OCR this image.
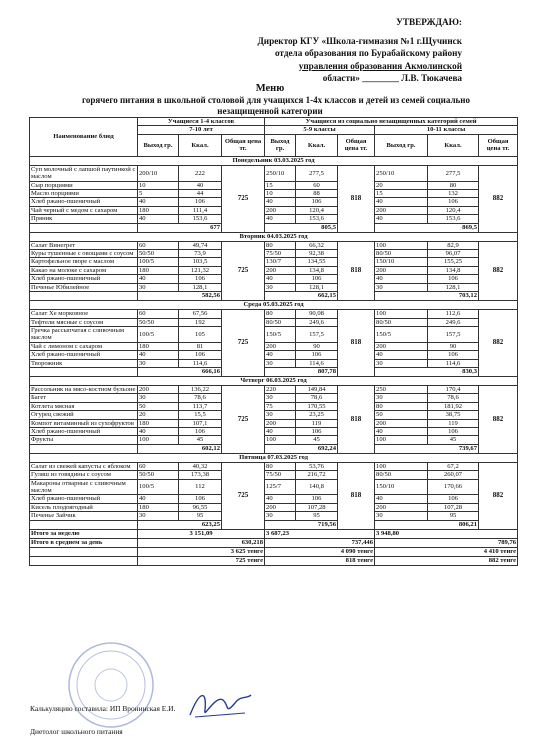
УТВЕРЖДАЮ:
Директор КГУ «Школа-гимназия №1 г.Щучинск
отдела образования по Бурабайскому району
управления образования Акмолинской
области» ________ Л.В. Тюкачева
Меню
горячего питания в школьной столовой для учащихся 1-4х классов и детей из семей социально
незащищенной категории
Наименование блюд	Учащиеся 1-4 классов			Учащиеся из социально незащищенных категорий семей					
	7-10 лет			5-9 классы			10-11 классы		
	Выход гр.	Ккал.	Общая цена тг.	Выход гр.	Ккал.	Общая цена тг.	Выход гр.	Ккал.	Общая цена тг.
Понедельник 03.03.2025 год									
Суп молочный с лапшой паутинкой с маслом	200/10	222	725	250/10	277,5	818	250/10	277,5	882
Сыр порциями	10	40		15	60		20	80	
Масло порциями	5	44		10	88		15	132	
Хлеб ржано-пшеничный	40	106		40	106		40	106	
Чай черный с медом с сахаром	180	111,4		200	120,4		200	120,4	
Пряник	40	153,6		40	153,6		40	153,6	
	677			805,5			869,5		
Вторник 04.03.2025 год									
Салат Винегрет	60	49,74	725	80	66,32	818	100	82,9	882
Куры тушенные с овощами с соусом	50/50	73,9		75/50	92,38		80/50	96,07	
Картофельное пюре с маслом	100/5	103,5		130/7	134,55		150/10	155,25	
Какао на молоке с сахаром	180	121,32		200	134,8		200	134,8	
Хлеб ржано-пшеничный	40	106		40	106		40	106	
Печенье Юбилейное	30	128,1		30	128,1		30	128,1	
	582,56			662,15			703,12		
Среда 05.03.2025 год									
Салат Хе морковное	60	67,56	725	80	90,08	818	100	112,6	882
Тефтели мясные с соусом	50/50	192		80/50	249,6		80/50	249,6	
Гречка рассыпчатая с сливочным маслом	100/5	105		150/5	157,5		150/5	157,5	
Чай с лимоном с сахаром	180	81		200	90		200	90	
Хлеб ржано-пшеничный	40	106		40	106		40	106	
Творожник	30	114,6		30	114,6		30	114,6	
	666,16			807,78			830,3		
Четверг 06.03.2025 год									
Рассольник на мясо-костном бульоне	200	136,22	725	220	149,84	818	250	170,4	882
Багет	30	78,6		30	78,6		30	78,6	
Котлета мясная	50	113,7		75	170,55		80	181,92	
Огурец свежий	20	15,5		30	23,25		50	38,75	
Компот витаминный из сухофруктов	180	107,1		200	119		200	119	
Хлеб ржано-пшеничный	40	106		40	106		40	106	
Фрукты	100	45		100	45		100	45	
	602,12			692,24			739,67		
Пятница 07.03.2025 год									
Салат из свежей капусты с яблоком	60	40,32	725	80	53,76	818	100	67,2	882
Гуляш из говядины с соусом	50/50	173,38		75/50	216,72		80/50	260,07	
Макароны отварные с сливочным маслом	100/5	112		125/7	140,8		150/10	170,66	
Хлеб ржано-пшеничный	40	106		40	106		40	106	
Кисель плодоягодный	180	96,55		200	107,28		200	107,28	
Печенье Зайчик	30	95		30	95		30	95	
	623,25			719,56			806,21		
Итого за неделю	3 151,09			3 687,23			3 948,80		
Итого в среднем за день	630,218			737,446			789,76		
	3 625 тенге			4 090 тенге			4 410 тенге		
	725 тенге			818 тенге			882 тенге		
Калькуляцию составила: ИП Вронинская Е.И.
Диетолог школьного питания
